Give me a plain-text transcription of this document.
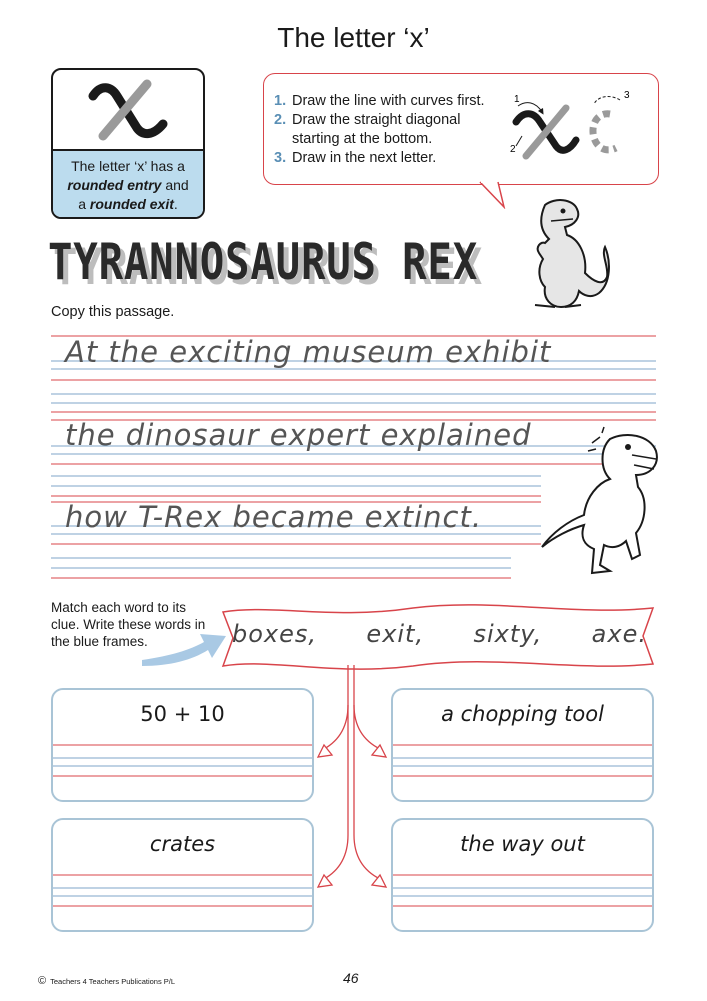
The letter ‘x’
The letter ‘x’ has a
rounded entry and
a rounded exit.
1. Draw the line with curves first.
2. Draw the straight diagonal starting at the bottom.
3. Draw in the next letter.
1
2
3
TYRANNOSAURUS REX
TYRANNOSAURUS REX
Copy this passage.
At the exciting museum exhibit
the dinosaur expert explained
how T-Rex became extinct.
Match each word to its clue. Write these words in the blue frames.	boxes, exit, sixty, axe.
50 + 10	a chopping tool
crates	the way out
© Teachers 4 Teachers Publications P/L	46
